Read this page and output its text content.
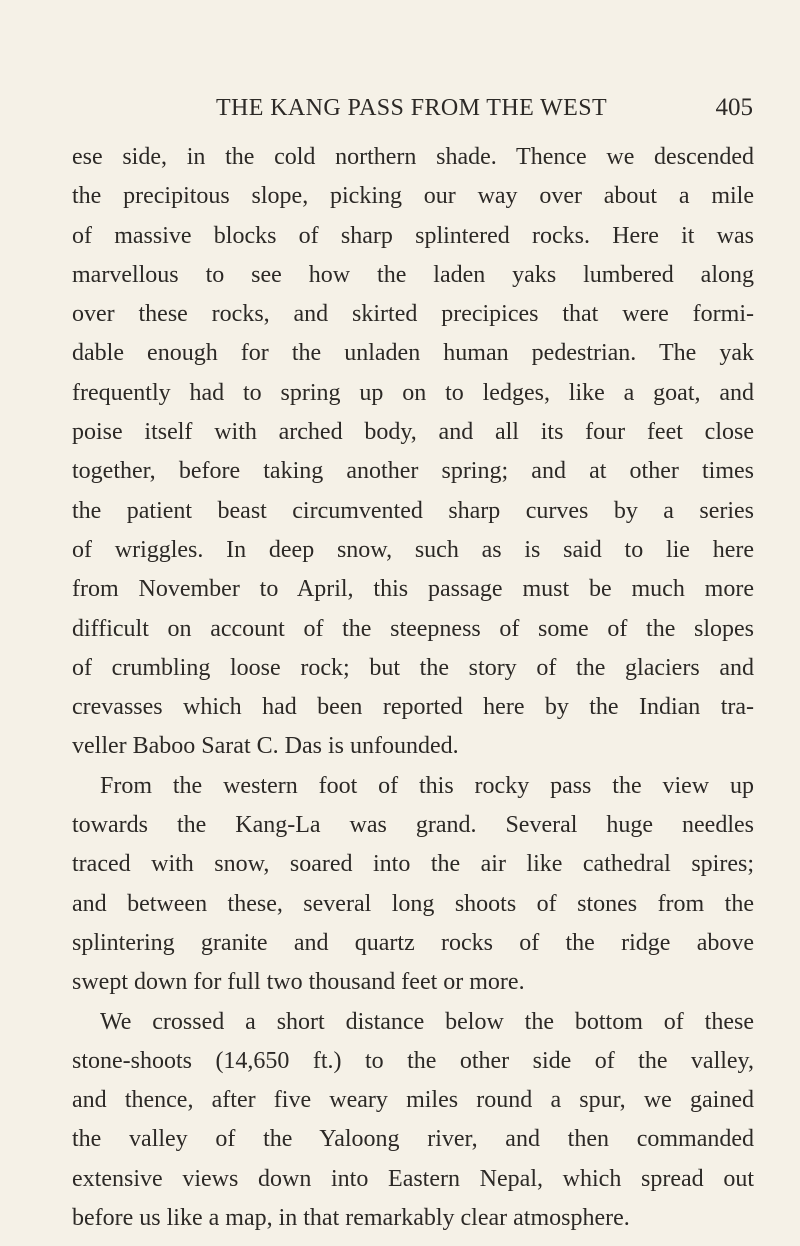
THE KANG PASS FROM THE WEST	405
ese side, in the cold northern shade. Thence we descended
the precipitous slope, picking our way over about a mile
of massive blocks of sharp splintered rocks. Here it was
marvellous to see how the laden yaks lumbered along
over these rocks, and skirted precipices that were formi-
dable enough for the unladen human pedestrian. The yak
frequently had to spring up on to ledges, like a goat, and
poise itself with arched body, and all its four feet close
together, before taking another spring; and at other times
the patient beast circumvented sharp curves by a series
of wriggles. In deep snow, such as is said to lie here
from November to April, this passage must be much more
difficult on account of the steepness of some of the slopes
of crumbling loose rock; but the story of the glaciers and
crevasses which had been reported here by the Indian tra-
veller Baboo Sarat C. Das is unfounded.
From the western foot of this rocky pass the view up
towards the Kang-La was grand. Several huge needles
traced with snow, soared into the air like cathedral spires;
and between these, several long shoots of stones from the
splintering granite and quartz rocks of the ridge above
swept down for full two thousand feet or more.
We crossed a short distance below the bottom of these
stone-shoots (14,650 ft.) to the other side of the valley,
and thence, after five weary miles round a spur, we gained
the valley of the Yaloong river, and then commanded
extensive views down into Eastern Nepal, which spread out
before us like a map, in that remarkably clear atmosphere.
